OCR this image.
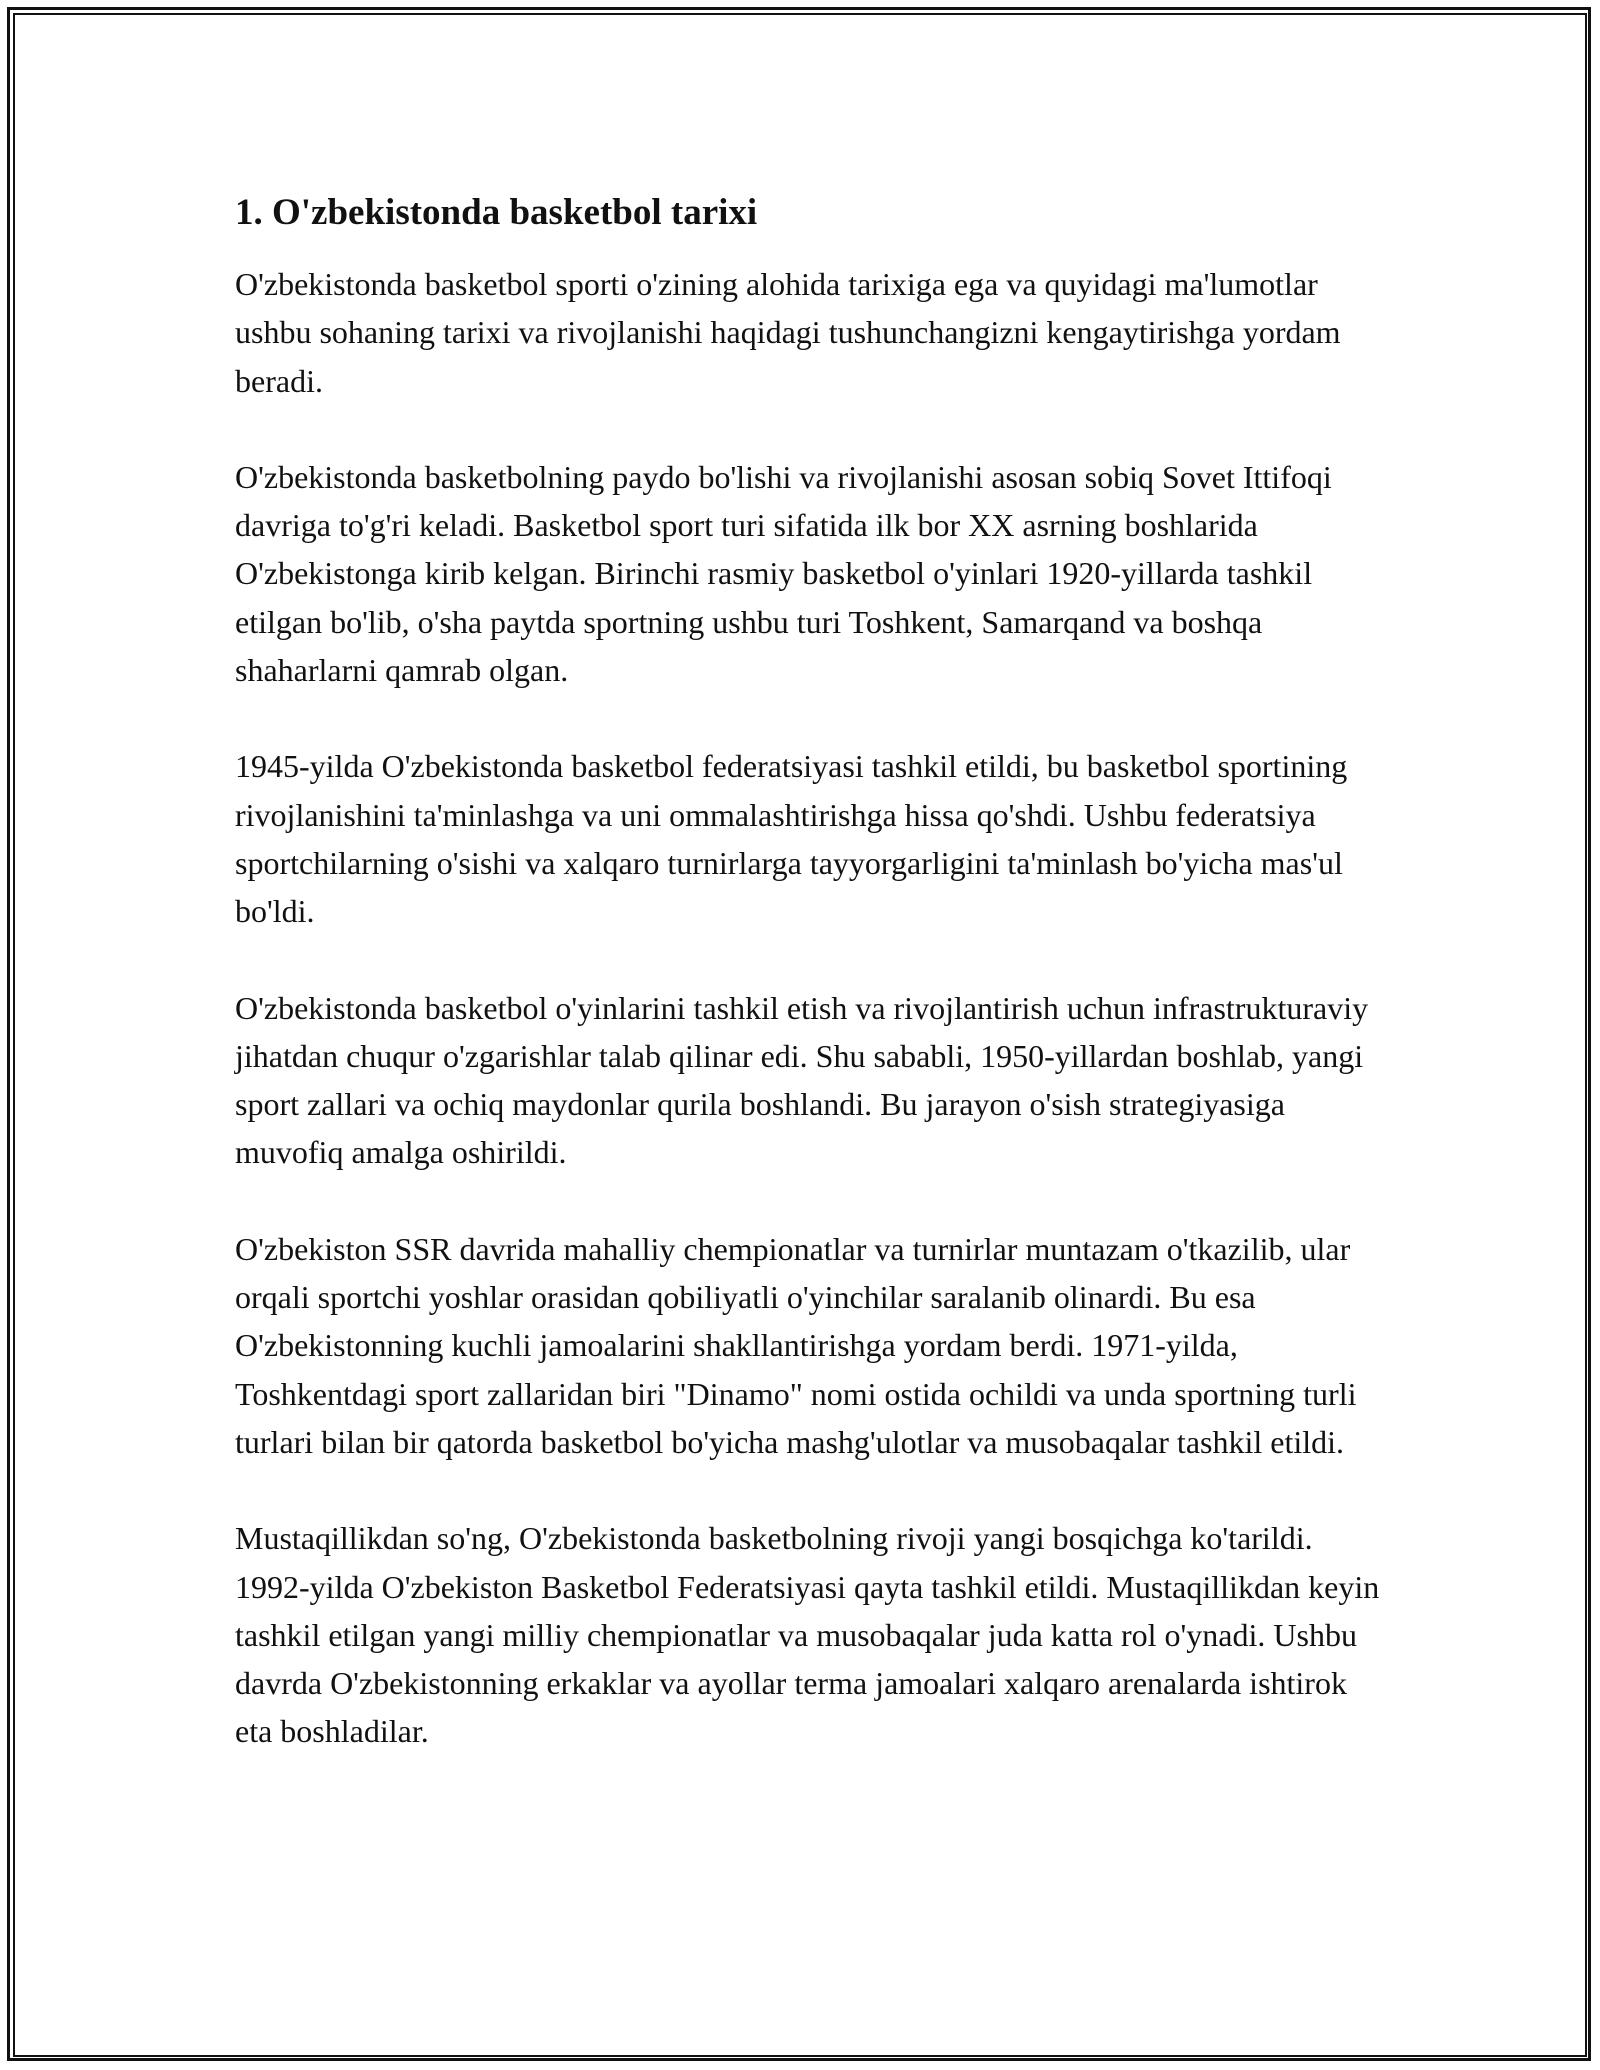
1. O'zbekistonda basketbol tarixi

O'zbekistonda basketbol sporti o'zining alohida tarixiga ega va quyidagi ma'lumotlar ushbu sohaning tarixi va rivojlanishi haqidagi tushunchangizni kengaytirishga yordam beradi.

O'zbekistonda basketbolning paydo bo'lishi va rivojlanishi asosan sobiq Sovet Ittifoqi davriga to'g'ri keladi. Basketbol sport turi sifatida ilk bor XX asrning boshlarida O'zbekistonga kirib kelgan. Birinchi rasmiy basketbol o'yinlari 1920-yillarda tashkil etilgan bo'lib, o'sha paytda sportning ushbu turi Toshkent, Samarqand va boshqa shaharlarni qamrab olgan.

1945-yilda O'zbekistonda basketbol federatsiyasi tashkil etildi, bu basketbol sportining rivojlanishini ta'minlashga va uni ommalashtirishga hissa qo'shdi. Ushbu federatsiya sportchilarning o'sishi va xalqaro turnirlarga tayyorgarligini ta'minlash bo'yicha mas'ul bo'ldi.

O'zbekistonda basketbol o'yinlarini tashkil etish va rivojlantirish uchun infrastrukturaviy jihatdan chuqur o'zgarishlar talab qilinar edi. Shu sababli, 1950-yillardan boshlab, yangi sport zallari va ochiq maydonlar qurila boshlandi. Bu jarayon o'sish strategiyasiga muvofiq amalga oshirildi.

O'zbekiston SSR davrida mahalliy chempionatlar va turnirlar muntazam o'tkazilib, ular orqali sportchi yoshlar orasidan qobiliyatli o'yinchilar saralanib olinardi. Bu esa O'zbekistonning kuchli jamoalarini shakllantirishga yordam berdi. 1971-yilda, Toshkentdagi sport zallaridan biri "Dinamo" nomi ostida ochildi va unda sportning turli turlari bilan bir qatorda basketbol bo'yicha mashg'ulotlar va musobaqalar tashkil etildi.

Mustaqillikdan so'ng, O'zbekistonda basketbolning rivoji yangi bosqichga ko'tarildi. 1992-yilda O'zbekiston Basketbol Federatsiyasi qayta tashkil etildi. Mustaqillikdan keyin tashkil etilgan yangi milliy chempionatlar va musobaqalar juda katta rol o'ynadi. Ushbu davrda O'zbekistonning erkaklar va ayollar terma jamoalari xalqaro arenalarda ishtirok eta boshladilar.
